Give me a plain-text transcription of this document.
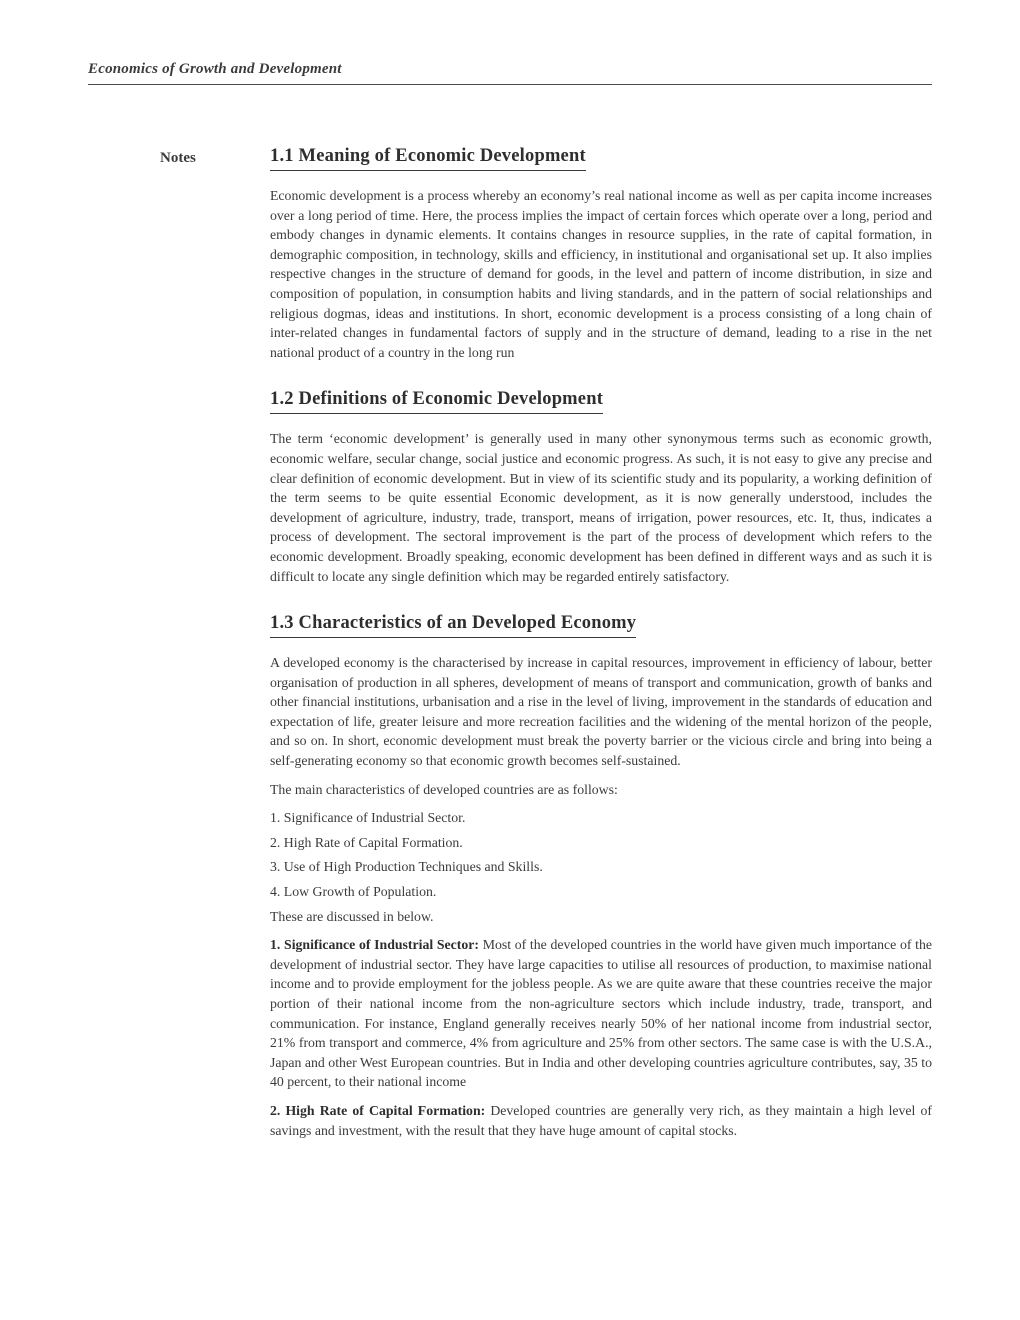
Economics of Growth and Development
Notes	1.1 Meaning of Economic Development

Economic development is a process whereby an economy’s real national income as well as per capita income increases over a long period of time. Here, the process implies the impact of certain forces which operate over a long, period and embody changes in dynamic elements. It contains changes in resource supplies, in the rate of capital formation, in demographic composition, in technology, skills and efficiency, in institutional and organisational set up. It also implies respective changes in the structure of demand for goods, in the level and pattern of income distribution, in size and composition of population, in consumption habits and living standards, and in the pattern of social relationships and religious dogmas, ideas and institutions. In short, economic development is a process consisting of a long chain of inter-related changes in fundamental factors of supply and in the structure of demand, leading to a rise in the net national product of a country in the long run

1.2 Definitions of Economic Development

The term ‘economic development’ is generally used in many other synonymous terms such as economic growth, economic welfare, secular change, social justice and economic progress. As such, it is not easy to give any precise and clear definition of economic development. But in view of its scientific study and its popularity, a working definition of the term seems to be quite essential Economic development, as it is now generally understood, includes the development of agriculture, industry, trade, transport, means of irrigation, power resources, etc. It, thus, indicates a process of development. The sectoral improvement is the part of the process of development which refers to the economic development. Broadly speaking, economic development has been defined in different ways and as such it is difficult to locate any single definition which may be regarded entirely satisfactory.

1.3 Characteristics of an Developed Economy

A developed economy is the characterised by increase in capital resources, improvement in efficiency of labour, better organisation of production in all spheres, development of means of transport and communication, growth of banks and other financial institutions, urbanisation and a rise in the level of living, improvement in the standards of education and expectation of life, greater leisure and more recreation facilities and the widening of the mental horizon of the people, and so on. In short, economic development must break the poverty barrier or the vicious circle and bring into being a self-generating economy so that economic growth becomes self-sustained.

The main characteristics of developed countries are as follows:

1. Significance of Industrial Sector.
2. High Rate of Capital Formation.
3. Use of High Production Techniques and Skills.
4. Low Growth of Population.

These are discussed in below.

1. Significance of Industrial Sector: Most of the developed countries in the world have given much importance of the development of industrial sector. They have large capacities to utilise all resources of production, to maximise national income and to provide employment for the jobless people. As we are quite aware that these countries receive the major portion of their national income from the non-agriculture sectors which include industry, trade, transport, and communication. For instance, England generally receives nearly 50% of her national income from industrial sector, 21% from transport and commerce, 4% from agriculture and 25% from other sectors. The same case is with the U.S.A., Japan and other West European countries. But in India and other developing countries agriculture contributes, say, 35 to 40 percent, to their national income

2. High Rate of Capital Formation: Developed countries are generally very rich, as they maintain a high level of savings and investment, with the result that they have huge amount of capital stocks.
